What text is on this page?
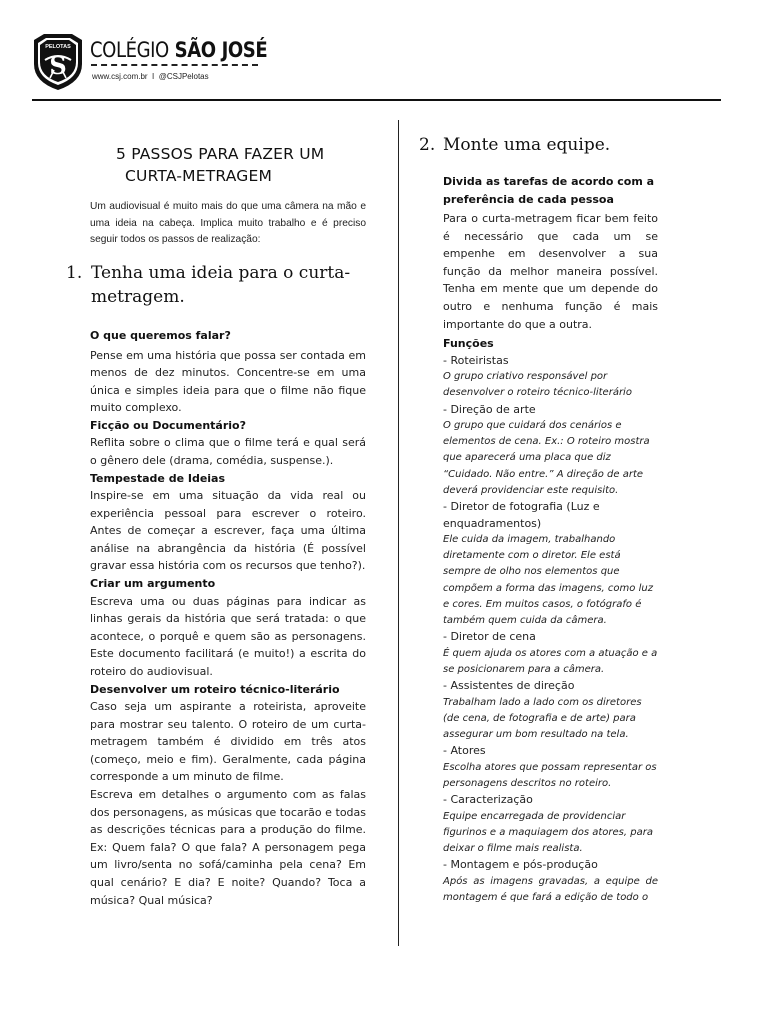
PELOTAS
S
COLÉGIO SÃO JOSÉ
www.csj.com.br I @CSJPelotas
5 PASSOS PARA FAZER UM
CURTA-METRAGEM
Um audiovisual é muito mais do que uma câmera na mão e uma ideia na cabeça. Implica muito trabalho e é preciso seguir todos os passos de realização:
1. Tenha uma ideia para o curta-metragem.
O que queremos falar?
Pense em uma história que possa ser contada em menos de dez minutos. Concentre-se em uma única e simples ideia para que o filme não fique muito complexo.
Ficção ou Documentário?
Reflita sobre o clima que o filme terá e qual será o gênero dele (drama, comédia, suspense.).
Tempestade de Ideias
Inspire-se em uma situação da vida real ou experiência pessoal para escrever o roteiro. Antes de começar a escrever, faça uma última análise na abrangência da história (É possível gravar essa história com os recursos que tenho?).
Criar um argumento
Escreva uma ou duas páginas para indicar as linhas gerais da história que será tratada: o que acontece, o porquê e quem são as personagens. Este documento facilitará (e muito!) a escrita do roteiro do audiovisual.
Desenvolver um roteiro técnico-literário
Caso seja um aspirante a roteirista, aproveite para mostrar seu talento. O roteiro de um curta-metragem também é dividido em três atos (começo, meio e fim). Geralmente, cada página corresponde a um minuto de filme.
Escreva em detalhes o argumento com as falas dos personagens, as músicas que tocarão e todas as descrições técnicas para a produção do filme. Ex: Quem fala? O que fala? A personagem pega um livro/senta no sofá/caminha pela cena? Em qual cenário? E dia? E noite? Quando? Toca a música? Qual música?
2. Monte uma equipe.
Divida as tarefas de acordo com a preferência de cada pessoa
Para o curta-metragem ficar bem feito é necessário que cada um se empenhe em desenvolver a sua função da melhor maneira possível. Tenha em mente que um depende do outro e nenhuma função é mais importante do que a outra.
Funções
- Roteiristas
O grupo criativo responsável por desenvolver o roteiro técnico-literário
- Direção de arte
O grupo que cuidará dos cenários e elementos de cena. Ex.: O roteiro mostra que aparecerá uma placa que diz “Cuidado. Não entre.” A direção de arte deverá providenciar este requisito.
- Diretor de fotografia (Luz e enquadramentos)
Ele cuida da imagem, trabalhando diretamente com o diretor. Ele está sempre de olho nos elementos que compõem a forma das imagens, como luz e cores. Em muitos casos, o fotógrafo é também quem cuida da câmera.
- Diretor de cena
É quem ajuda os atores com a atuação e a se posicionarem para a câmera.
- Assistentes de direção
Trabalham lado a lado com os diretores (de cena, de fotografia e de arte) para assegurar um bom resultado na tela.
- Atores
Escolha atores que possam representar os personagens descritos no roteiro.
- Caracterização
Equipe encarregada de providenciar figurinos e a maquiagem dos atores, para deixar o filme mais realista.
- Montagem e pós-produção
Após as imagens gravadas, a equipe de montagem é que fará a edição de todo o
